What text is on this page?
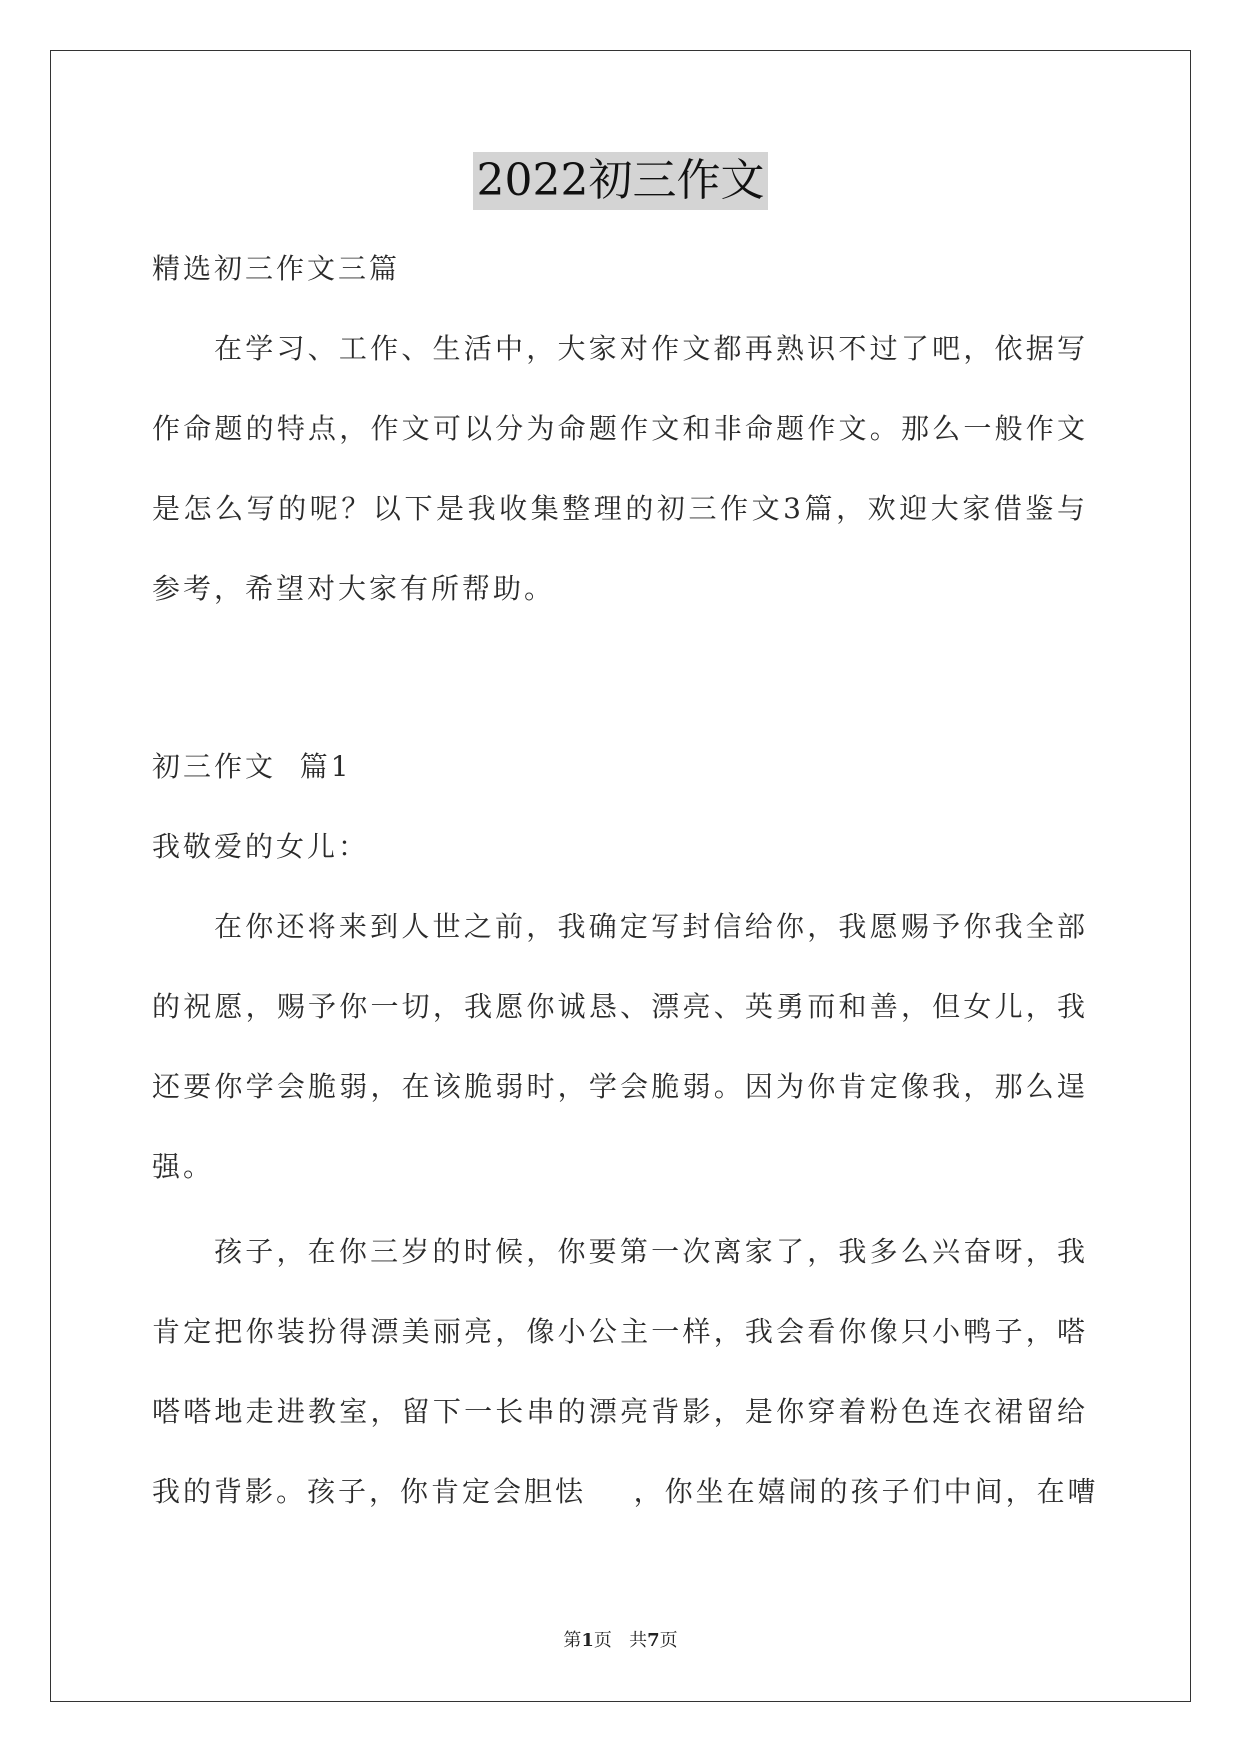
2022初三作文
精选初三作文三篇
在学习、工作、生活中，大家对作文都再熟识不过了吧，依据写
作命题的特点，作文可以分为命题作文和非命题作文。那么一般作文
是怎么写的呢？以下是我收集整理的初三作文3篇，欢迎大家借鉴与
参考，希望对大家有所帮助。
初三作文  篇1
我敬爱的女儿：
在你还将来到人世之前，我确定写封信给你，我愿赐予你我全部
的祝愿，赐予你一切，我愿你诚恳、漂亮、英勇而和善，但女儿，我
还要你学会脆弱，在该脆弱时，学会脆弱。因为你肯定像我，那么逞
强。
孩子，在你三岁的时候，你要第一次离家了，我多么兴奋呀，我
肯定把你装扮得漂美丽亮，像小公主一样，我会看你像只小鸭子，嗒
嗒嗒地走进教室，留下一长串的漂亮背影，是你穿着粉色连衣裙留给
我的背影。孩子，你肯定会胆怯    ，你坐在嬉闹的孩子们中间，在嘈
第1页   共7页
